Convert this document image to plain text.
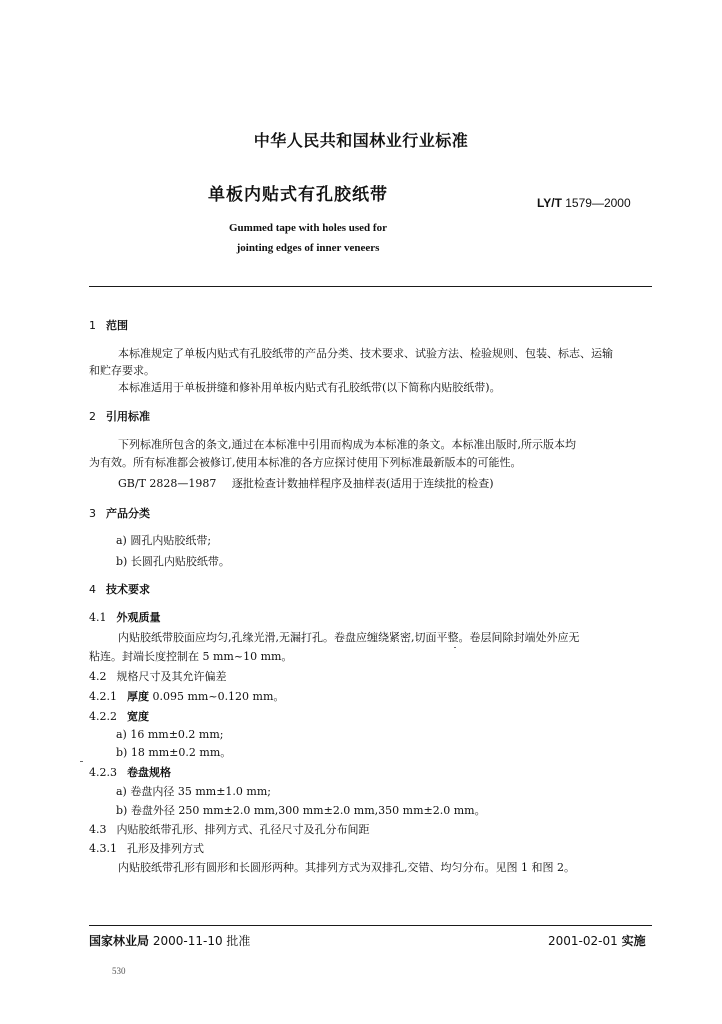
中华人民共和国林业行业标准
单板内贴式有孔胶纸带	LY/T 1579—2000
Gummed tape with holes used for
jointing edges of inner veneers
1 范围
本标准规定了单板内贴式有孔胶纸带的产品分类、技术要求、试验方法、检验规则、包装、标志、运输
和贮存要求。
本标准适用于单板拼缝和修补用单板内贴式有孔胶纸带(以下简称内贴胶纸带)。
2 引用标准
下列标准所包含的条文,通过在本标准中引用而构成为本标准的条文。本标准出版时,所示版本均
为有效。所有标准都会被修订,使用本标准的各方应探讨使用下列标准最新版本的可能性。
GB/T 2828—1987 逐批检查计数抽样程序及抽样表(适用于连续批的检查)
3 产品分类
a) 圆孔内贴胶纸带;
b) 长圆孔内贴胶纸带。
4 技术要求
4.1 外观质量
内贴胶纸带胶面应均匀,孔缘光滑,无漏打孔。卷盘应缠绕紧密,切面平整。卷层间除封端处外应无
粘连。封端长度控制在 5 mm~10 mm。
4.2 规格尺寸及其允许偏差
4.2.1 厚度 0.095 mm~0.120 mm。
4.2.2 宽度
a) 16 mm±0.2 mm;
b) 18 mm±0.2 mm。
4.2.3 卷盘规格
a) 卷盘内径 35 mm±1.0 mm;
b) 卷盘外径 250 mm±2.0 mm,300 mm±2.0 mm,350 mm±2.0 mm。
4.3 内贴胶纸带孔形、排列方式、孔径尺寸及孔分布间距
4.3.1 孔形及排列方式
内贴胶纸带孔形有圆形和长圆形两种。其排列方式为双排孔,交错、均匀分布。见图 1 和图 2。
国家林业局 2000-11-10 批准	2001-02-01 实施
530
